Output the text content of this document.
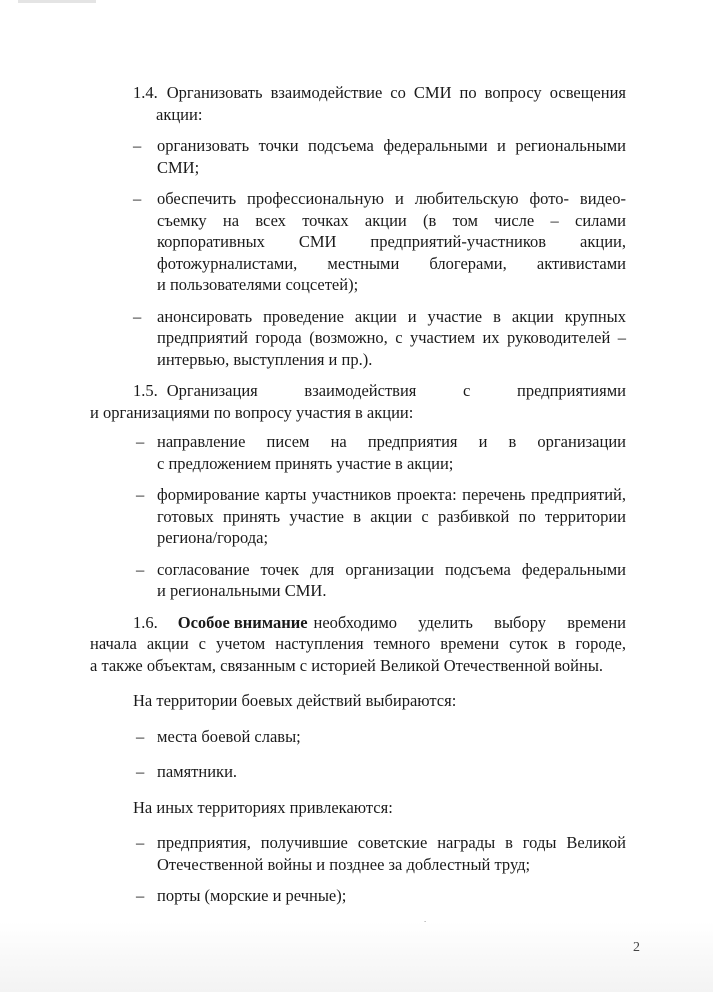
1.4. Организовать взаимодействие со СМИ по вопросу освещения
акции:
– организовать точки подсъема федеральными и региональными
СМИ;
– обеспечить профессиональную и любительскую фото- видео-
съемку на всех точках акции (в том числе – силами
корпоративных СМИ предприятий-участников акции,
фотожурналистами, местными блогерами, активистами
и пользователями соцсетей);
– анонсировать проведение акции и участие в акции крупных
предприятий города (возможно, с участием их руководителей –
интервью, выступления и пр.).
1.5. Организация взаимодействия с предприятиями
и организациями по вопросу участия в акции:
– направление писем на предприятия и в организации
с предложением принять участие в акции;
– формирование карты участников проекта: перечень предприятий,
готовых принять участие в акции с разбивкой по территории
региона/города;
– согласование точек для организации подсъема федеральными
и региональными СМИ.
1.6. Особое внимание необходимо уделить выбору времени
начала акции с учетом наступления темного времени суток в городе,
а также объектам, связанным с историей Великой Отечественной войны.
На территории боевых действий выбираются:
– места боевой славы;
– памятники.
На иных территориях привлекаются:
– предприятия, получившие советские награды в годы Великой
Отечественной войны и позднее за доблестный труд;
– порты (морские и речные);
2
